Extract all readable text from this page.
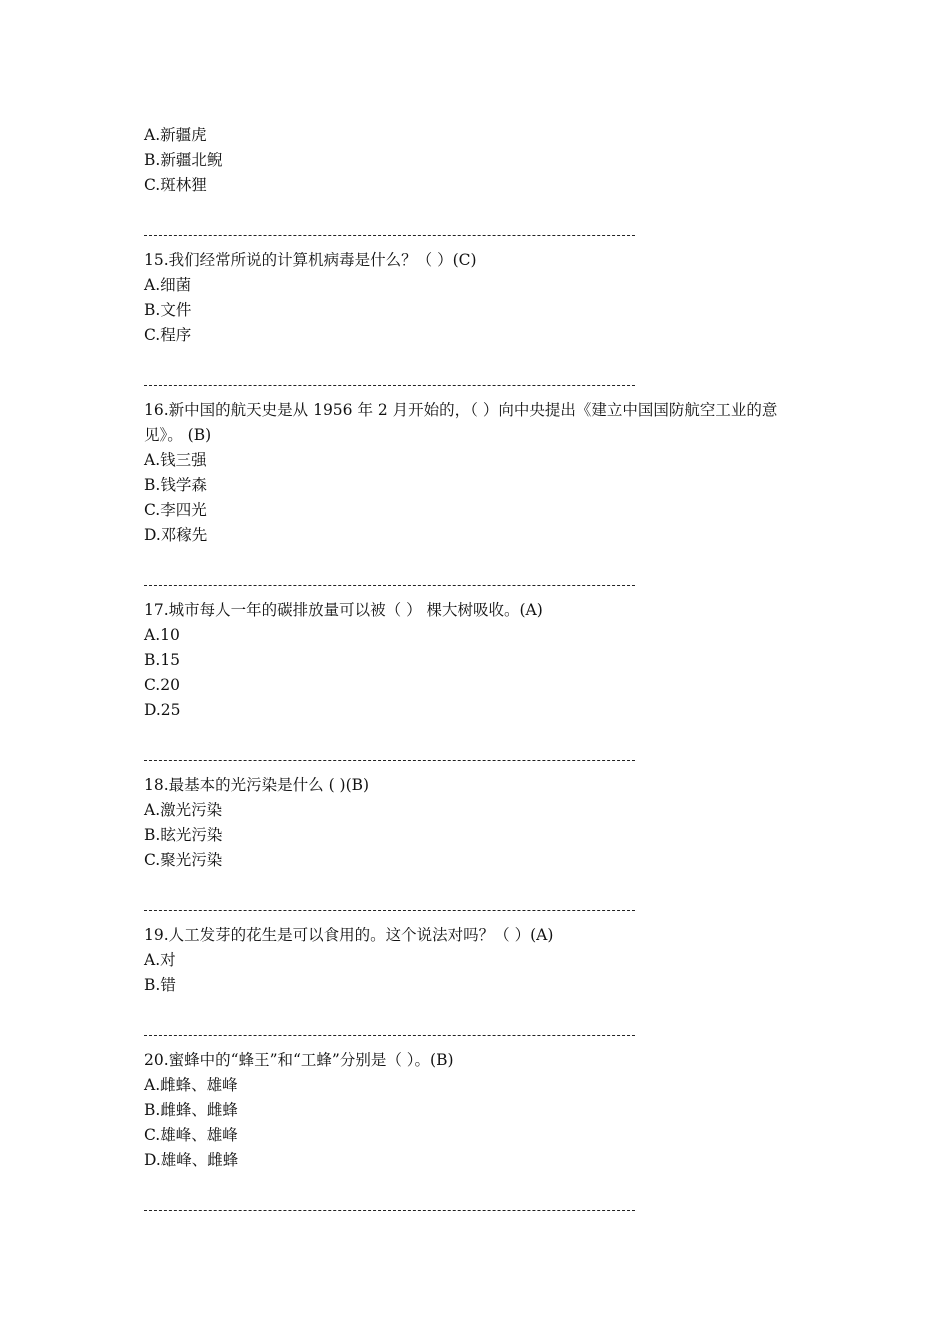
A.新疆虎
B.新疆北鲵
C.斑林狸
15.我们经常所说的计算机病毒是什么？（ ）(C)
A.细菌
B.文件
C.程序
16.新中国的航天史是从 1956 年 2 月开始的，（ ）向中央提出《建立中国国防航空工业的意
见》。 (B)
A.钱三强
B.钱学森
C.李四光
D.邓稼先
17.城市每人一年的碳排放量可以被（ ） 棵大树吸收。(A)
A.10
B.15
C.20
D.25
18.最基本的光污染是什么 ( )(B)
A.激光污染
B.眩光污染
C.聚光污染
19.人工发芽的花生是可以食用的。这个说法对吗？（ ）(A)
A.对
B.错
20.蜜蜂中的“蜂王”和“工蜂”分别是（ ）。(B)
A.雌蜂、雄峰
B.雌蜂、雌蜂
C.雄峰、雄峰
D.雄峰、雌蜂
